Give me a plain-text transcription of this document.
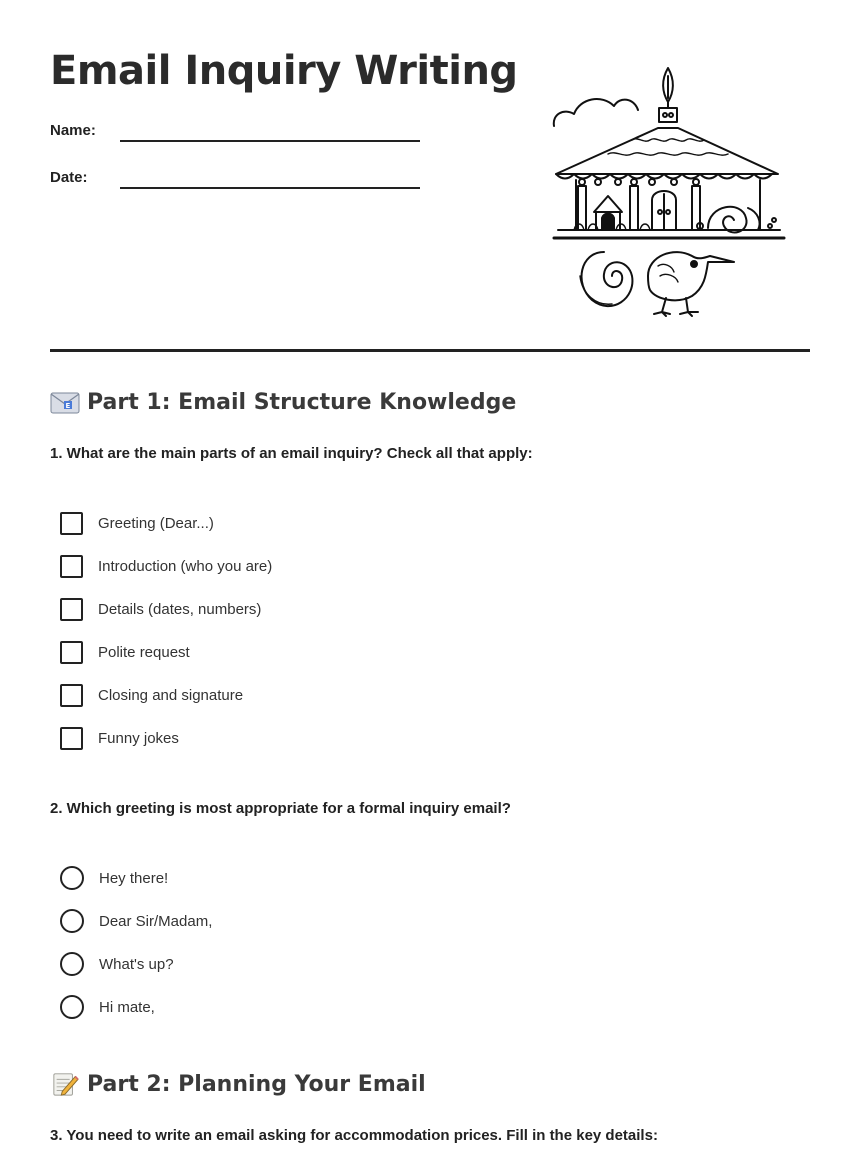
Email Inquiry Writing
Name:
Date:
E Part 1: Email Structure Knowledge
1. What are the main parts of an email inquiry? Check all that apply:
Greeting (Dear...)
Introduction (who you are)
Details (dates, numbers)
Polite request
Closing and signature
Funny jokes
2. Which greeting is most appropriate for a formal inquiry email?
Hey there!
Dear Sir/Madam,
What's up?
Hi mate,
Part 2: Planning Your Email
3. You need to write an email asking for accommodation prices. Fill in the key details:
